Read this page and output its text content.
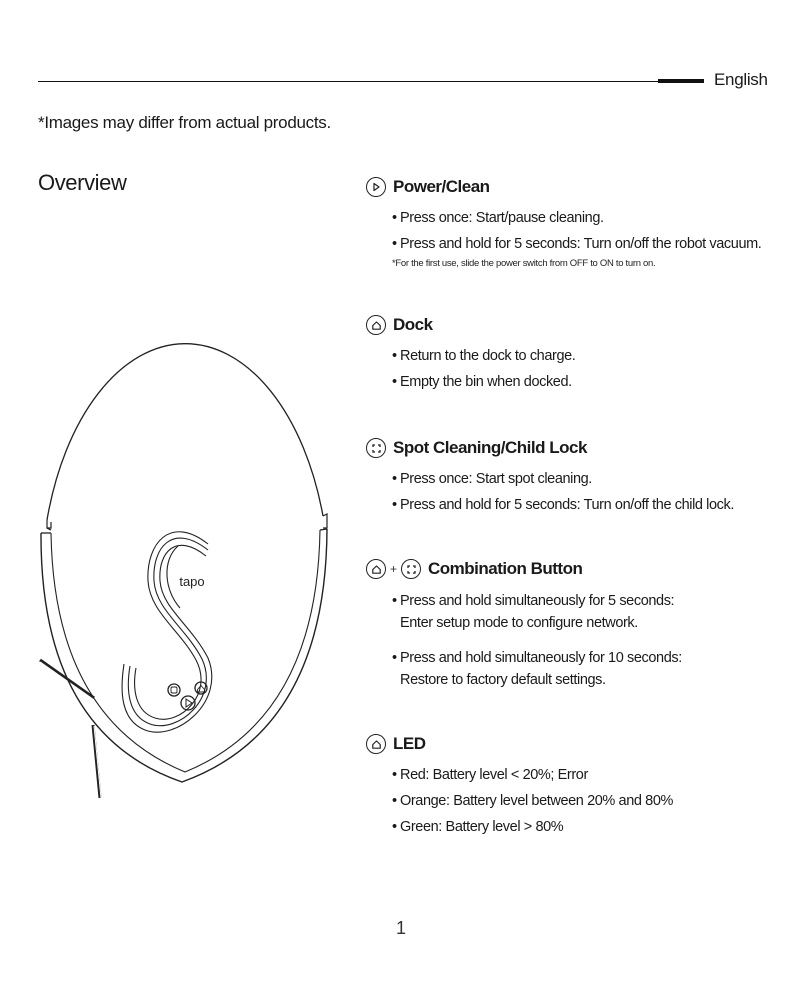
English
*Images may differ from actual products.
Overview
tapo
Power/Clean
• Press once: Start/pause cleaning.
• Press and hold for 5 seconds: Turn on/off the robot vacuum.

*For the first use, slide the power switch from OFF to ON to turn on.

Dock
• Return to the dock to charge.
• Empty the bin when docked.
Spot Cleaning/Child Lock
• Press once: Start spot cleaning.
• Press and hold for 5 seconds: Turn on/off the child lock.
+ Combination Button
• Press and hold simultaneously for 5 seconds:
Enter setup mode to configure network.
• Press and hold simultaneously for 10 seconds:
Restore to factory default settings.
LED
• Red: Battery level < 20%; Error
• Orange: Battery level between 20% and 80%
• Green: Battery level > 80%
1
